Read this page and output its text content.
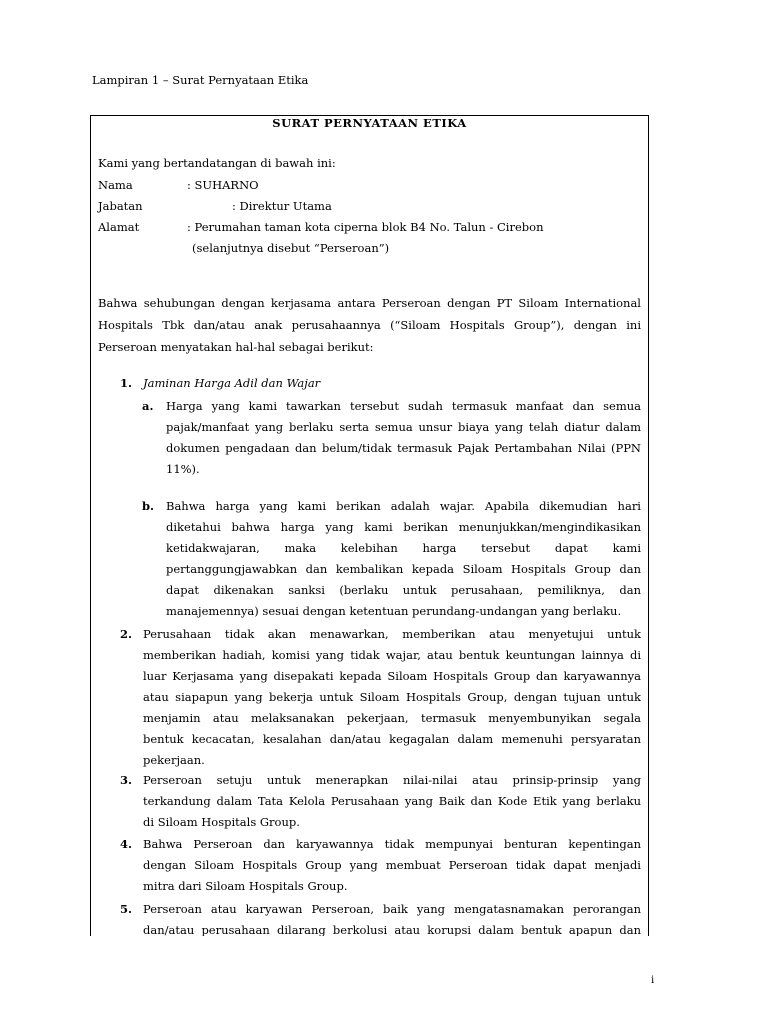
Lampiran 1 – Surat Pernyataan Etika
SURAT PERNYATAAN ETIKA
Kami yang bertandatangan di bawah ini:
Nama	: SUHARNO
Jabatan	: Direktur Utama
Alamat	: Perumahan taman kota ciperna blok B4 No. Talun - Cirebon
(selanjutnya disebut “Perseroan”)
Bahwa sehubungan dengan kerjasama antara Perseroan dengan PT Siloam International
Hospitals Tbk dan/atau anak perusahaannya (“Siloam Hospitals Group”), dengan ini
Perseroan menyatakan hal-hal sebagai berikut:
1. Jaminan Harga Adil dan Wajar
a. Harga yang kami tawarkan tersebut sudah termasuk manfaat dan semua
pajak/manfaat yang berlaku serta semua unsur biaya yang telah diatur dalam
dokumen pengadaan dan belum/tidak termasuk Pajak Pertambahan Nilai (PPN
11%).
b. Bahwa harga yang kami berikan adalah wajar. Apabila dikemudian hari
diketahui bahwa harga yang kami berikan menunjukkan/mengindikasikan
ketidakwajaran, maka kelebihan harga tersebut dapat kami
pertanggungjawabkan dan kembalikan kepada Siloam Hospitals Group dan
dapat dikenakan sanksi (berlaku untuk perusahaan, pemiliknya, dan
manajemennya) sesuai dengan ketentuan perundang-undangan yang berlaku.
2. Perusahaan tidak akan menawarkan, memberikan atau menyetujui untuk
memberikan hadiah, komisi yang tidak wajar, atau bentuk keuntungan lainnya di
luar Kerjasama yang disepakati kepada Siloam Hospitals Group dan karyawannya
atau siapapun yang bekerja untuk Siloam Hospitals Group, dengan tujuan untuk
menjamin atau melaksanakan pekerjaan, termasuk menyembunyikan segala
bentuk kecacatan, kesalahan dan/atau kegagalan dalam memenuhi persyaratan
pekerjaan.
3. Perseroan setuju untuk menerapkan nilai-nilai atau prinsip-prinsip yang
terkandung dalam Tata Kelola Perusahaan yang Baik dan Kode Etik yang berlaku
di Siloam Hospitals Group.
4. Bahwa Perseroan dan karyawannya tidak mempunyai benturan kepentingan
dengan Siloam Hospitals Group yang membuat Perseroan tidak dapat menjadi
mitra dari Siloam Hospitals Group.
5. Perseroan atau karyawan Perseroan, baik yang mengatasnamakan perorangan
dan/atau perusahaan dilarang berkolusi atau korupsi dalam bentuk apapun dan
i
